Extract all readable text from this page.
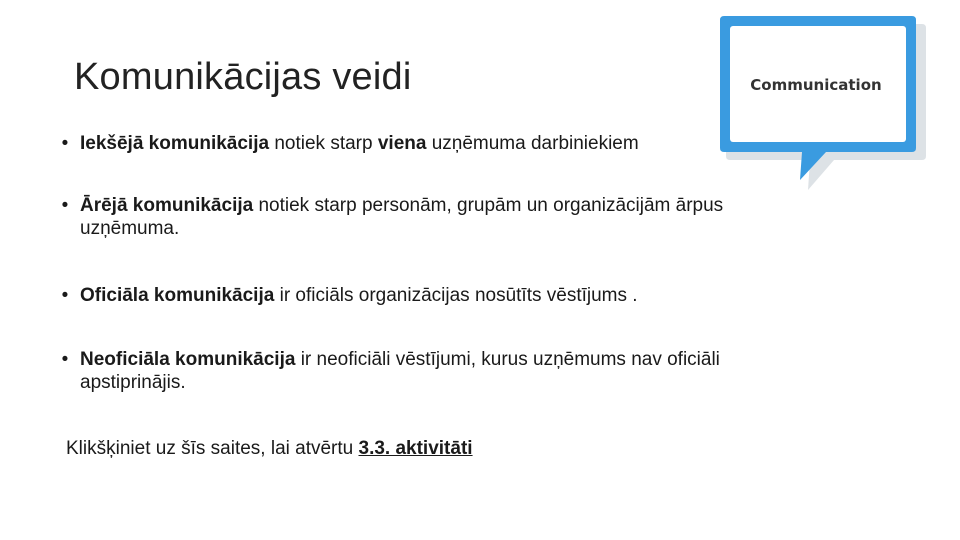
Komunikācijas veidi
• Iekšējā komunikācija notiek starp viena uzņēmuma darbiniekiem
• Ārējā komunikācija notiek starp personām, grupām un organizācijām ārpus uzņēmuma.
• Oficiāla komunikācija ir oficiāls organizācijas nosūtīts vēstījums .
• Neoficiāla komunikācija ir neoficiāli vēstījumi, kurus uzņēmums nav oficiāli apstiprinājis.
Klikšķiniet uz šīs saites, lai atvērtu 3.3. aktivitāti
Communication
